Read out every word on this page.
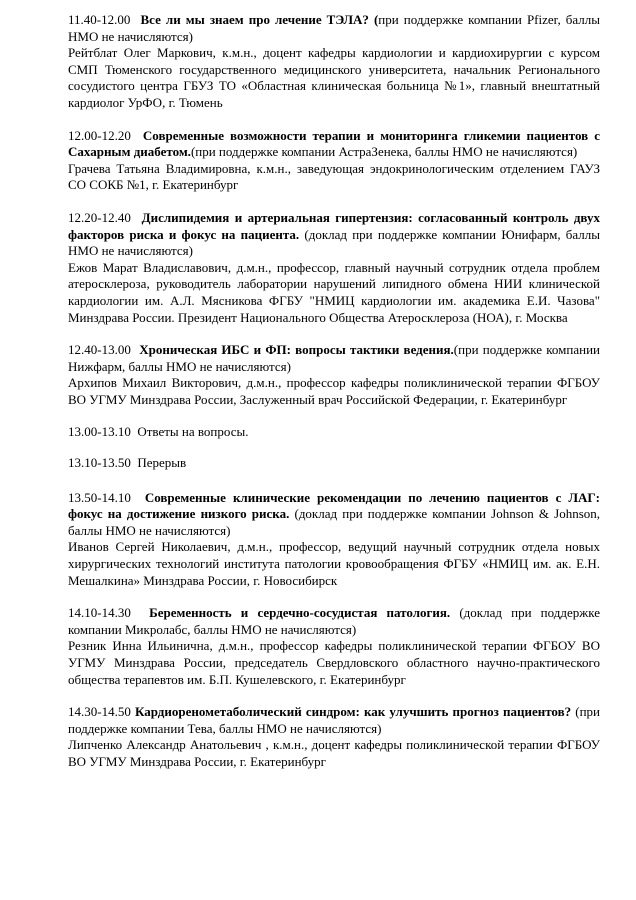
11.40-12.00 Все ли мы знаем про лечение ТЭЛА? (при поддержке компании Pfizer, баллы НМО не начисляются)

Рейтблат Олег Маркович, к.м.н., доцент кафедры кардиологии и кардиохирургии с курсом СМП Тюменского государственного медицинского университета, начальник Регионального сосудистого центра ГБУЗ ТО «Областная клиническая больница №1», главный внештатный кардиолог УрФО, г. Тюмень

12.00-12.20 Современные возможности терапии и мониторинга гликемии пациентов с Сахарным диабетом.(при поддержке компании АстраЗенека, баллы НМО не начисляются)

Грачева Татьяна Владимировна, к.м.н., заведующая эндокринологическим отделением ГАУЗ СО СОКБ №1, г. Екатеринбург

12.20-12.40 Дислипидемия и артериальная гипертензия: согласованный контроль двух факторов риска и фокус на пациента. (доклад при поддержке компании Юнифарм, баллы НМО не начисляются)

Ежов Марат Владиславович, д.м.н., профессор, главный научный сотрудник отдела проблем атеросклероза, руководитель лаборатории нарушений липидного обмена НИИ клинической кардиологии им. А.Л. Мясникова ФГБУ "НМИЦ кардиологии им. академика Е.И. Чазова" Минздрава России. Президент Национального Общества Атеросклероза (НОА), г. Москва

12.40-13.00 Хроническая ИБС и ФП: вопросы тактики ведения.(при поддержке компании Нижфарм, баллы НМО не начисляются)

Архипов Михаил Викторович, д.м.н., профессор кафедры поликлинической терапии ФГБОУ ВО УГМУ Минздрава России, Заслуженный врач Российской Федерации, г. Екатеринбург

13.00-13.10 Ответы на вопросы.

13.10-13.50 Перерыв

13.50-14.10 Современные клинические рекомендации по лечению пациентов с ЛАГ: фокус на достижение низкого риска. (доклад при поддержке компании Johnson & Johnson, баллы НМО не начисляются)

Иванов Сергей Николаевич, д.м.н., профессор, ведущий научный сотрудник отдела новых хирургических технологий института патологии кровообращения ФГБУ «НМИЦ им. ак. Е.Н. Мешалкина» Минздрава России, г. Новосибирск

14.10-14.30 Беременность и сердечно-сосудистая патология. (доклад при поддержке компании Микролабс, баллы НМО не начисляются)

Резник Инна Ильинична, д.м.н., профессор кафедры поликлинической терапии ФГБОУ ВО УГМУ Минздрава России, председатель Свердловского областного научно-практического общества терапевтов им. Б.П. Кушелевского, г. Екатеринбург

14.30-14.50 Кардиоренометаболический синдром: как улучшить прогноз пациентов? (при поддержке компании Тева, баллы НМО не начисляются)

Липченко Александр Анатольевич , к.м.н., доцент кафедры поликлинической терапии ФГБОУ ВО УГМУ Минздрава России, г. Екатеринбург
